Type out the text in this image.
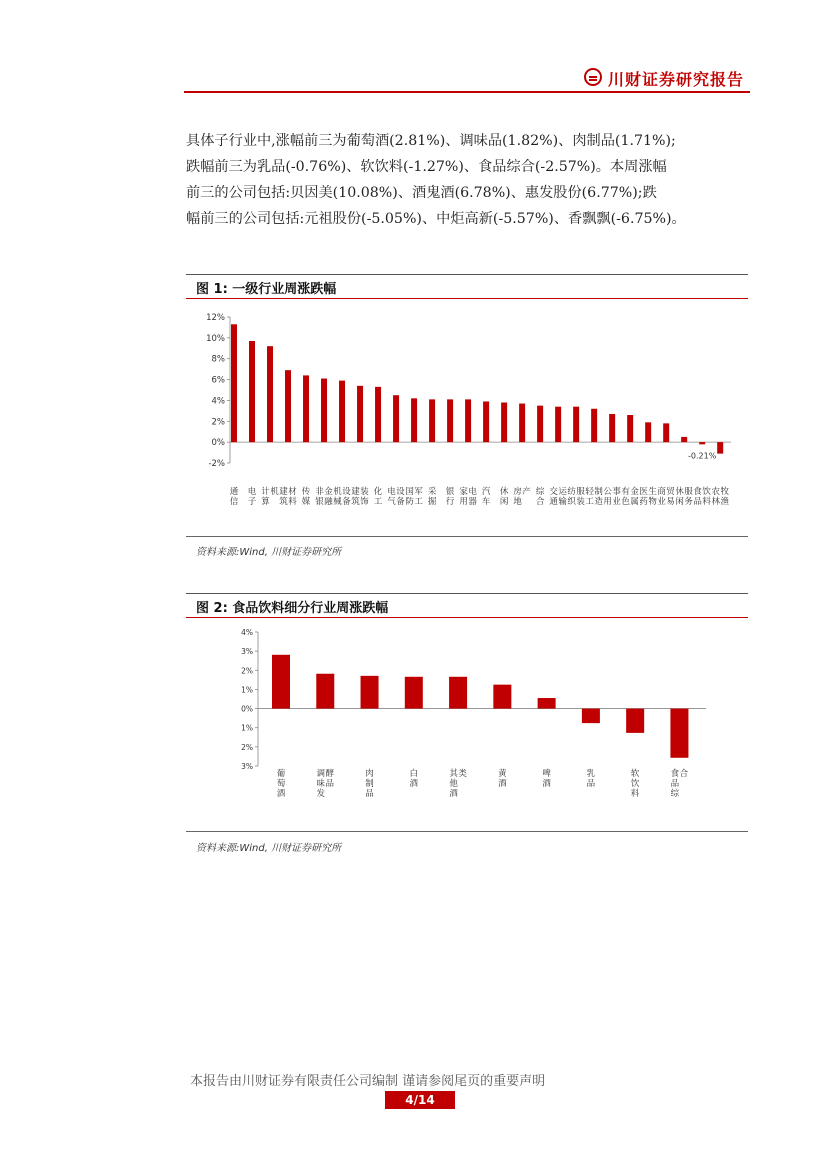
川财证券研究报告

具体子行业中,涨幅前三为葡萄酒(2.81%)、调味品(1.82%)、肉制品(1.71%);

跌幅前三为乳品(-0.76%)、软饮料(-1.27%)、食品综合(-2.57%)。本周涨幅

前三的公司包括:贝因美(10.08%)、酒鬼酒(6.78%)、惠发股份(6.77%);跌

幅前三的公司包括:元祖股份(-5.05%)、中炬高新(-5.57%)、香飘飘(-6.75%)。

图 1: 一级行业周涨跌幅
12%
10%
8%
6%
4%
2%
0%
-2%
通
信
电
子
计
算
机 建
筑
材
料
传
媒
非
银
金
融
机
械
设
备
建
筑
装
饰
化
工
电
气
设
备
国
防
军
工
采
掘
银
行
家
用
电
器
汽
车
休
闲
房
地
产 综
合
交
通
运
输
纺
织
服
装
轻
工
制
造
公
用
事
业
有
色
金
属
医
药
生
物
商
业
贸
易
休
闲
服
务
食
品
饮
料
农
林
牧
渔
-0.21%
资料来源:Wind, 川财证券研究所
图 2: 食品饮料细分行业周涨跌幅
4%
3%
2%
1%
0%
1%
2%
3%
葡
萄
酒
调
味
发
酵
品
肉
制
品
白
酒
其
他
酒
类	黄
酒
啤
酒
乳
品
软
饮
料
食
品
综
合
资料来源:Wind, 川财证券研究所
本报告由川财证券有限责任公司编制 谨请参阅尾页的重要声明
4/14
